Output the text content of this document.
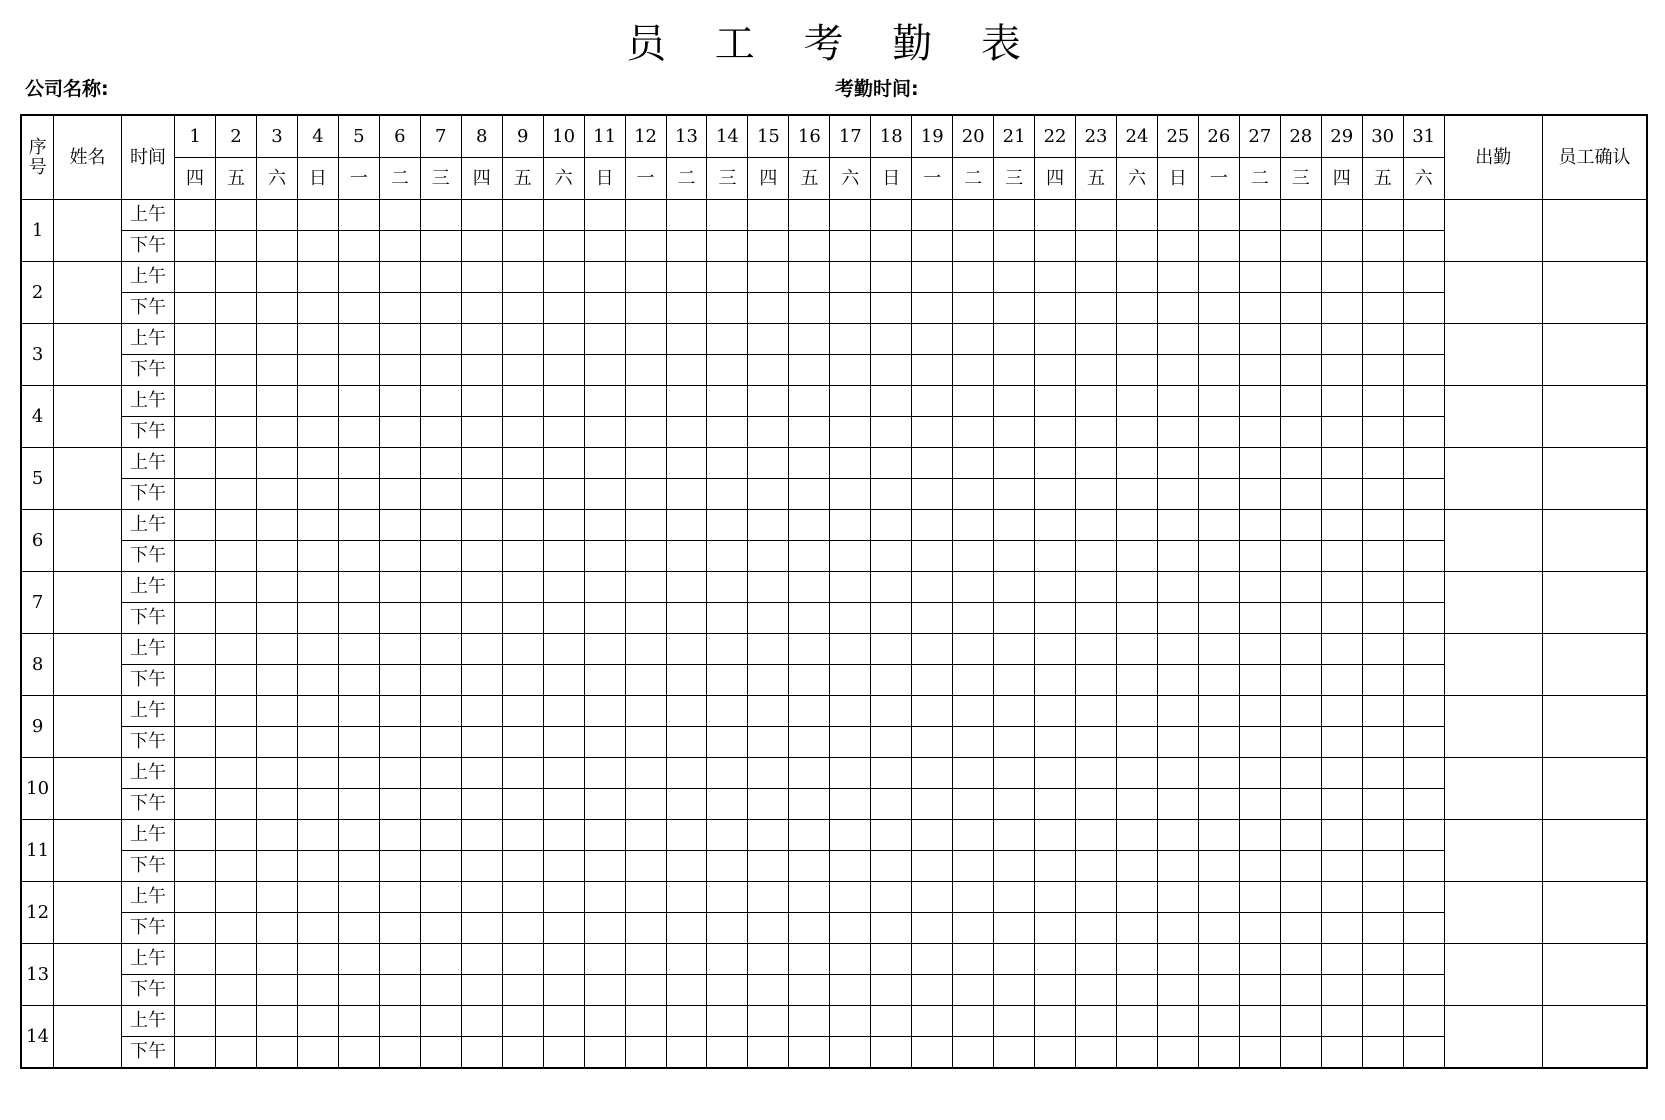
员 工 考 勤 表
公司名称:	考勤时间:
序号	姓名	时间	1	2	3	4	5	6	7	8	9	10	11	12	13	14	15	16	17	18	19	20	21	22	23	24	25	26	27	28	29	30	31	出勤	员工确认
			四	五	六	日	一	二	三	四	五	六	日	一	二	三	四	五	六	日	一	二	三	四	五	六	日	一	二	三	四	五	六		
1		上午																																	
		下午																																	
2		上午																																	
		下午																																	
3		上午																																	
		下午																																	
4		上午																																	
		下午																																	
5		上午																																	
		下午																																	
6		上午																																	
		下午																																	
7		上午																																	
		下午																																	
8		上午																																	
		下午																																	
9		上午																																	
		下午																																	
10		上午																																	
		下午																																	
11		上午																																	
		下午																																	
12		上午																																	
		下午																																	
13		上午																																	
		下午																																	
14		上午																																	
		下午																																	
